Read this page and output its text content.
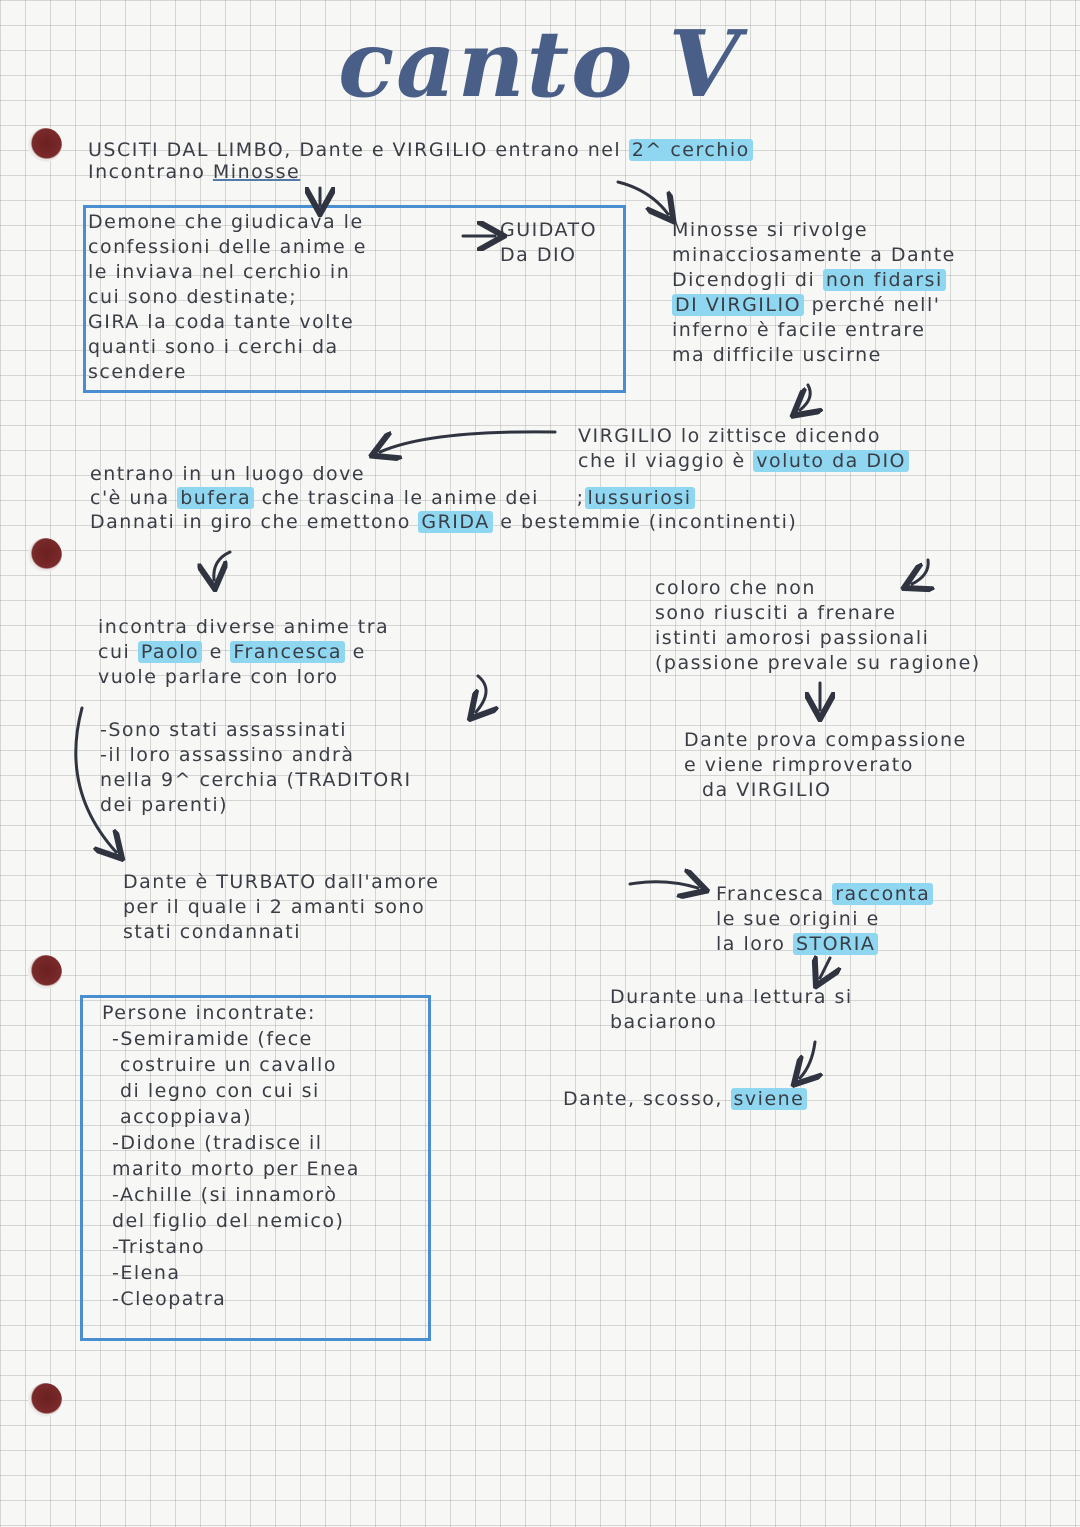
canto V
USCITI DAL LIMBO, Dante e VIRGILIO entrano nel 2^ cerchio
Incontrano Minosse
Demone che giudicava le
confessioni delle anime e
le inviava nel cerchio in
cui sono destinate;
GIRA la coda tante volte
quanti sono i cerchi da
scendere
GUIDATO
Da DIO
Minosse si rivolge
minacciosamente a Dante
Dicendogli di non fidarsi
DI VIRGILIO perché nell'
inferno è facile entrare
ma difficile uscirne
VIRGILIO lo zittisce dicendo
che il viaggio è voluto da DIO
entrano in un luogo dove
c'è una bufera che trascina le anime dei ; lussuriosi
Dannati in giro che emettono GRIDA e bestemmie (incontinenti)
incontra diverse anime tra
cui Paolo e Francesca e
vuole parlare con loro
coloro che non
sono riusciti a frenare
istinti amorosi passionali
(passione prevale su ragione)
-Sono stati assassinati
-il loro assassino andrà
nella 9^ cerchia (TRADITORI
dei parenti)
Dante prova compassione
e viene rimproverato
da VIRGILIO
Dante è TURBATO dall'amore
per il quale i 2 amanti sono
stati condannati
Francesca racconta
le sue origini e
la loro STORIA
Durante una lettura si
baciarono
Dante, scosso, sviene
Persone incontrate:
-Semiramide (fece
costruire un cavallo
di legno con cui si
accoppiava)
-Didone (tradisce il
marito morto per Enea
-Achille (si innamorò
del figlio del nemico)
-Tristano
-Elena
-Cleopatra
